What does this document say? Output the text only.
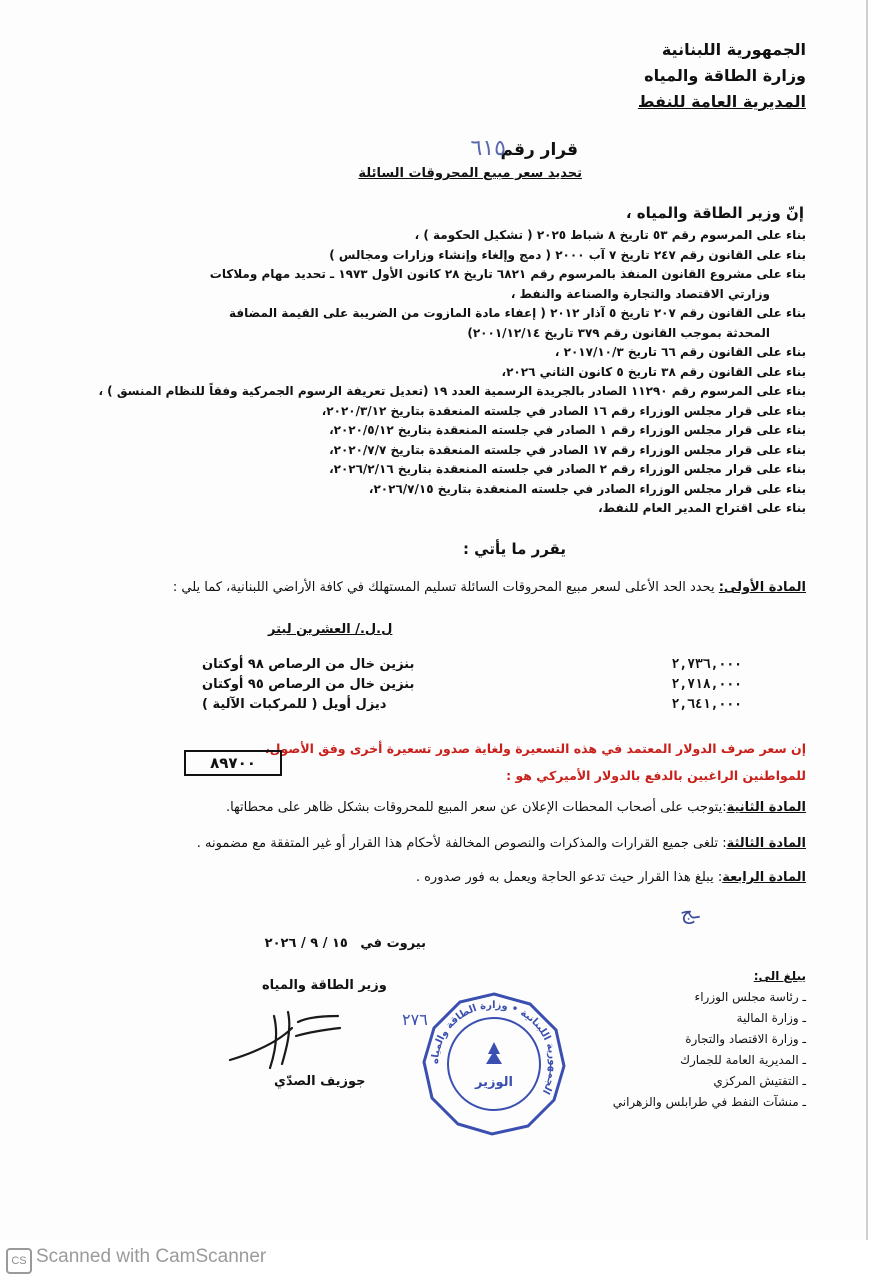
الجمهورية اللبنانية
وزارة الطاقة والمياه
المديرية العامة للنفط
قرار رقم
٦١٥
تحديد سعر مبيع المحروقات السائلة
إنّ وزير الطاقة والمياه ،
بناء على المرسوم رقم ٥٣ تاريخ ٨ شباط ٢٠٢٥ ( تشكيل الحكومة ) ،
بناء على القانون رقم ٢٤٧ تاريخ ٧ آب ٢٠٠٠ ( دمج وإلغاء وإنشاء وزارات ومجالس )
بناء على مشروع القانون المنفذ بالمرسوم رقم ٦٨٢١ تاريخ ٢٨ كانون الأول ١٩٧٣ ـ تحديد مهام وملاكات
وزارتي الاقتصاد والتجارة والصناعة والنفط ،
بناء على القانون رقم ٢٠٧ تاريخ ٥ آذار ٢٠١٢ ( إعفاء مادة المازوت من الضريبة على القيمة المضافة
المحدثة بموجب القانون رقم ٣٧٩ تاريخ ٢٠٠١/١٢/١٤)
بناء على القانون رقم ٦٦ تاريخ ٢٠١٧/١٠/٣ ،
بناء على القانون رقم ٣٨ تاريخ ٥ كانون الثاني ٢٠٢٦،
بناء على المرسوم رقم ١١٢٩٠ الصادر بالجريدة الرسمية العدد ١٩ (تعديل تعريفة الرسوم الجمركية وفقاً للنظام المنسق ) ،
بناء على قرار مجلس الوزراء رقم ١٦ الصادر في جلسته المنعقدة بتاريخ ٢٠٢٠/٣/١٢،
بناء على قرار مجلس الوزراء رقم ١ الصادر في جلسته المنعقدة بتاريخ ٢٠٢٠/٥/١٢،
بناء على قرار مجلس الوزراء رقم ١٧ الصادر في جلسته المنعقدة بتاريخ ٢٠٢٠/٧/٧،
بناء على قرار مجلس الوزراء رقم ٢ الصادر في جلسته المنعقدة بتاريخ ٢٠٢٦/٢/١٦،
بناء على قرار مجلس الوزراء الصادر في جلسته المنعقدة بتاريخ ٢٠٢٦/٧/١٥،
بناء على اقتراح المدير العام للنفط،
يقرر ما يأتي :
المادة الأولى: يحدد الحد الأعلى لسعر مبيع المحروقات السائلة تسليم المستهلك في كافة الأراضي اللبنانية، كما يلي :
ل.ل./ العشرين ليتر
بنزين خال من الرصاص ٩٨ أوكتان	٢,٧٣٦,٠٠٠
بنزين خال من الرصاص ٩٥ أوكتان	٢,٧١٨,٠٠٠
ديزل أويل ( للمركبات الآلية )	٢,٦٤١,٠٠٠
إن سعر صرف الدولار المعتمد في هذه التسعيرة ولغاية صدور تسعيرة أخرى وفق الأصول،
للمواطنين الراغبين بالدفع بالدولار الأميركي هو :
٨٩٧٠٠
المادة الثانية:يتوجب على أصحاب المحطات الإعلان عن سعر المبيع للمحروقات بشكل ظاهر على محطاتها.
المادة الثالثة: تلغى جميع القرارات والمذكرات والنصوص المخالفة لأحكام هذا القرار أو غير المتفقة مع مضمونه .
المادة الرابعة: يبلغ هذا القرار حيث تدعو الحاجة ويعمل به فور صدوره .
ـج
بيروت في ١٥ / ٩ / ٢٠٢٦
وزير الطاقة والمياه
جوزيف الصدّي
٢٧٦
الجمهورية اللبنانية • وزارة الطاقة والمياه
الوزير
يبلغ الى:
ـ رئاسة مجلس الوزراء
ـ وزارة المالية
ـ وزارة الاقتصاد والتجارة
ـ المديرية العامة للجمارك
ـ التفتيش المركزي
ـ منشآت النفط في طرابلس والزهراني
CS Scanned with CamScanner
